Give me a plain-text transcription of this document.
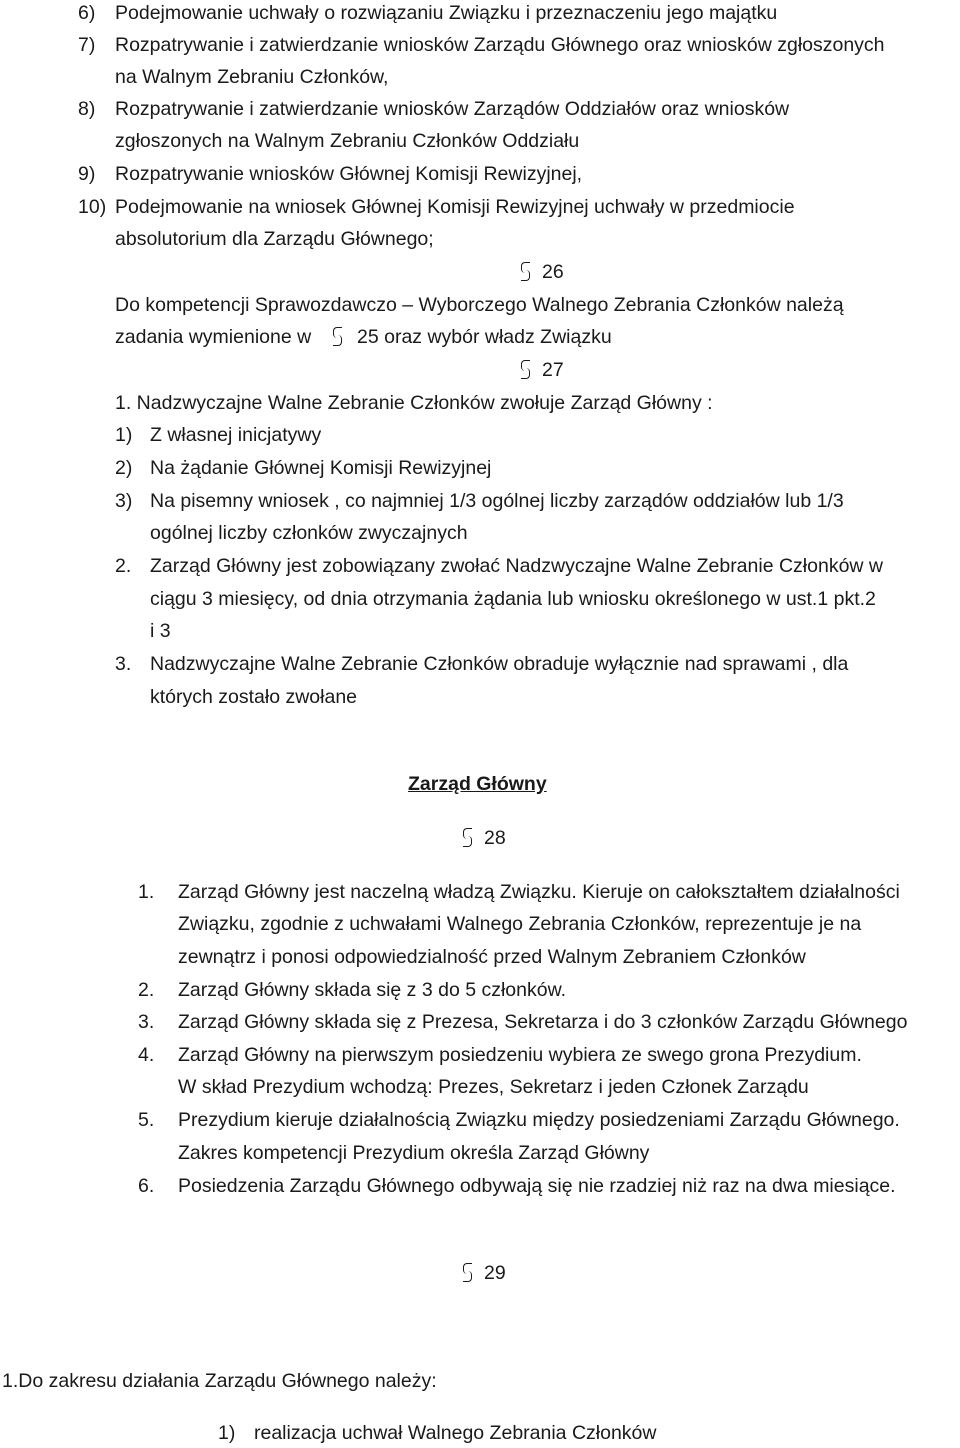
6) Podejmowanie uchwały o rozwiązaniu Związku i przeznaczeniu jego majątku
7) Rozpatrywanie i zatwierdzanie wniosków Zarządu Głównego oraz wniosków zgłoszonych
na Walnym Zebraniu Członków,
8) Rozpatrywanie i zatwierdzanie wniosków Zarządów Oddziałów oraz wniosków
zgłoszonych na Walnym Zebraniu Członków Oddziału
9) Rozpatrywanie wniosków Głównej Komisji Rewizyjnej,
10) Podejmowanie na wniosek Głównej Komisji Rewizyjnej uchwały w przedmiocie
absolutorium dla Zarządu Głównego;
26
Do kompetencji Sprawozdawczo – Wyborczego Walnego Zebrania Członków należą
zadania wymienione w 25 oraz wybór władz Związku
27
1. Nadzwyczajne Walne Zebranie Członków zwołuje Zarząd Główny :
1) Z własnej inicjatywy
2) Na żądanie Głównej Komisji Rewizyjnej
3) Na pisemny wniosek , co najmniej 1/3 ogólnej liczby zarządów oddziałów lub 1/3
ogólnej liczby członków zwyczajnych
2. Zarząd Główny jest zobowiązany zwołać Nadzwyczajne Walne Zebranie Członków w
ciągu 3 miesięcy, od dnia otrzymania żądania lub wniosku określonego w ust.1 pkt.2
i 3
3. Nadzwyczajne Walne Zebranie Członków obraduje wyłącznie nad sprawami , dla
których zostało zwołane
Zarząd Główny
28
1. Zarząd Główny jest naczelną władzą Związku. Kieruje on całokształtem działalności
Związku, zgodnie z uchwałami Walnego Zebrania Członków, reprezentuje je na
zewnątrz i ponosi odpowiedzialność przed Walnym Zebraniem Członków
2. Zarząd Główny składa się z 3 do 5 członków.
3. Zarząd Główny składa się z Prezesa, Sekretarza i do 3 członków Zarządu Głównego
4. Zarząd Główny na pierwszym posiedzeniu wybiera ze swego grona Prezydium.
W skład Prezydium wchodzą: Prezes, Sekretarz i jeden Członek Zarządu
5. Prezydium kieruje działalnością Związku między posiedzeniami Zarządu Głównego.
Zakres kompetencji Prezydium określa Zarząd Główny
6. Posiedzenia Zarządu Głównego odbywają się nie rzadziej niż raz na dwa miesiące.
29
1.Do zakresu działania Zarządu Głównego należy:
1) realizacja uchwał Walnego Zebrania Członków
